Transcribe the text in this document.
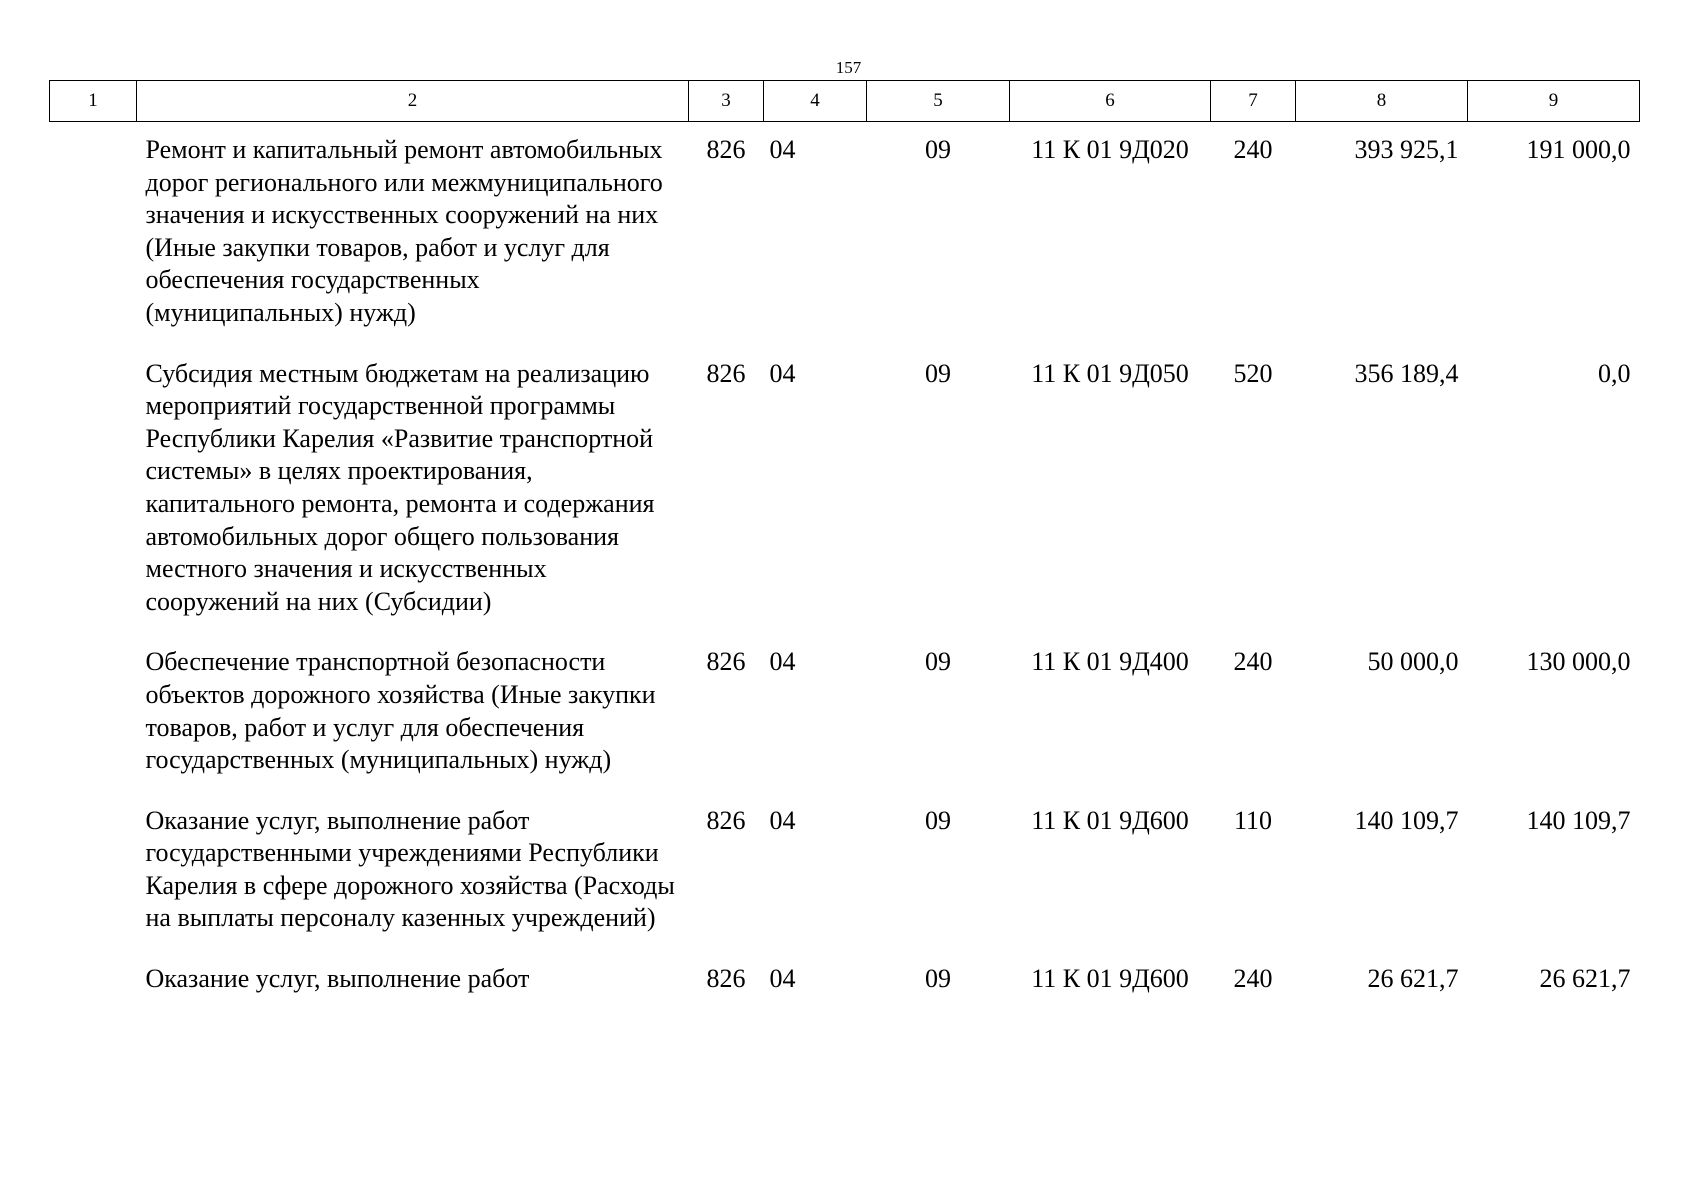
157
1	2	3	4	5	6	7	8	9
	Ремонт и капитальный ремонт автомобильных дорог регионального или межмуниципального значения и искусственных сооружений на них (Иные закупки товаров, работ и услуг для обеспечения государственных (муниципальных) нужд)	826	04	09	11 К 01 9Д020	240	393 925,1	191 000,0
	Субсидия местным бюджетам на реализацию мероприятий государственной программы Республики Карелия «Развитие транспортной системы» в целях проектирования, капитального ремонта, ремонта и содержания автомобильных дорог общего пользования местного значения и искусственных сооружений на них (Субсидии)	826	04	09	11 К 01 9Д050	520	356 189,4	0,0
	Обеспечение транспортной безопасности объектов дорожного хозяйства (Иные закупки товаров, работ и услуг для обеспечения государственных (муниципальных) нужд)	826	04	09	11 К 01 9Д400	240	50 000,0	130 000,0
	Оказание услуг, выполнение работ государственными учреждениями Республики Карелия в сфере дорожного хозяйства (Расходы на выплаты персоналу казенных учреждений)	826	04	09	11 К 01 9Д600	110	140 109,7	140 109,7
	Оказание услуг, выполнение работ	826	04	09	11 К 01 9Д600	240	26 621,7	26 621,7
